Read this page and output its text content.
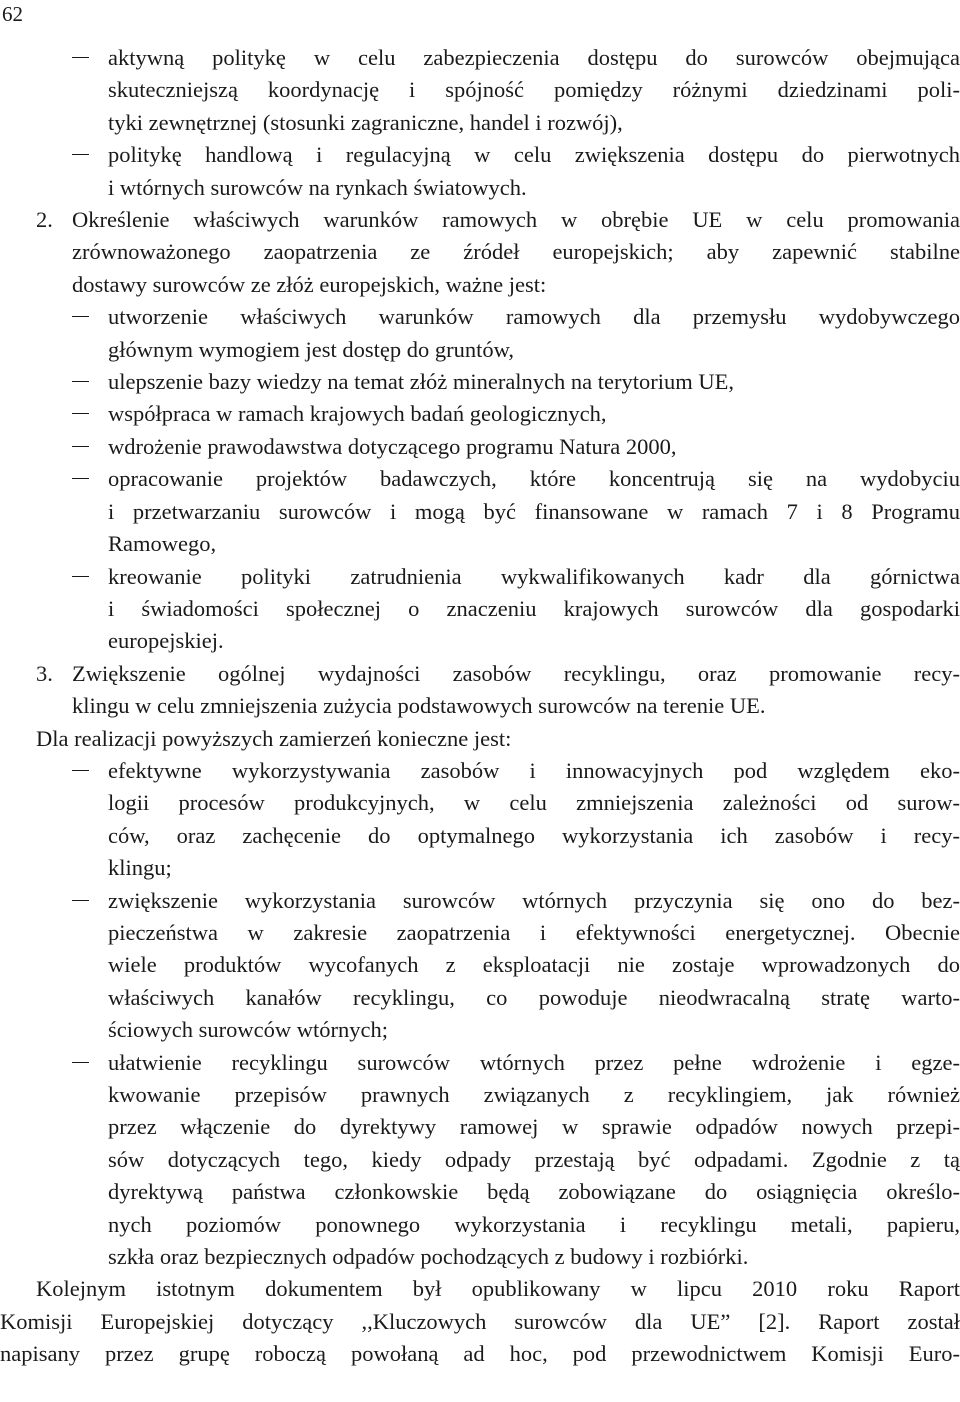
62
aktywną politykę w celu zabezpieczenia dostępu do surowców obejmująca
skuteczniejszą koordynację i spójność pomiędzy różnymi dziedzinami poli-
tyki zewnętrznej (stosunki zagraniczne, handel i rozwój),
politykę handlową i regulacyjną w celu zwiększenia dostępu do pierwotnych
i wtórnych surowców na rynkach światowych.
2. Określenie właściwych warunków ramowych w obrębie UE w celu promowania
zrównoważonego zaopatrzenia ze źródeł europejskich; aby zapewnić stabilne
dostawy surowców ze złóż europejskich, ważne jest:
utworzenie właściwych warunków ramowych dla przemysłu wydobywczego
głównym wymogiem jest dostęp do gruntów,
ulepszenie bazy wiedzy na temat złóż mineralnych na terytorium UE,
współpraca w ramach krajowych badań geologicznych,
wdrożenie prawodawstwa dotyczącego programu Natura 2000,
opracowanie projektów badawczych, które koncentrują się na wydobyciu
i przetwarzaniu surowców i mogą być finansowane w ramach 7 i 8 Programu
Ramowego,
kreowanie polityki zatrudnienia wykwalifikowanych kadr dla górnictwa
i świadomości społecznej o znaczeniu krajowych surowców dla gospodarki
europejskiej.
3. Zwiększenie ogólnej wydajności zasobów recyklingu, oraz promowanie recy-
klingu w celu zmniejszenia zużycia podstawowych surowców na terenie UE.
Dla realizacji powyższych zamierzeń konieczne jest:
efektywne wykorzystywania zasobów i innowacyjnych pod względem eko-
logii procesów produkcyjnych, w celu zmniejszenia zależności od surow-
ców, oraz zachęcenie do optymalnego wykorzystania ich zasobów i recy-
klingu;
zwiększenie wykorzystania surowców wtórnych przyczynia się ono do bez-
pieczeństwa w zakresie zaopatrzenia i efektywności energetycznej. Obecnie
wiele produktów wycofanych z eksploatacji nie zostaje wprowadzonych do
właściwych kanałów recyklingu, co powoduje nieodwracalną stratę warto-
ściowych surowców wtórnych;
ułatwienie recyklingu surowców wtórnych przez pełne wdrożenie i egze-
kwowanie przepisów prawnych związanych z recyklingiem, jak również
przez włączenie do dyrektywy ramowej w sprawie odpadów nowych przepi-
sów dotyczących tego, kiedy odpady przestają być odpadami. Zgodnie z tą
dyrektywą państwa członkowskie będą zobowiązane do osiągnięcia określo-
nych poziomów ponownego wykorzystania i recyklingu metali, papieru,
szkła oraz bezpiecznych odpadów pochodzących z budowy i rozbiórki.
Kolejnym istotnym dokumentem był opublikowany w lipcu 2010 roku Raport
Komisji Europejskiej dotyczący ,,Kluczowych surowców dla UE” [2]. Raport został
napisany przez grupę roboczą powołaną ad hoc, pod przewodnictwem Komisji Euro-
